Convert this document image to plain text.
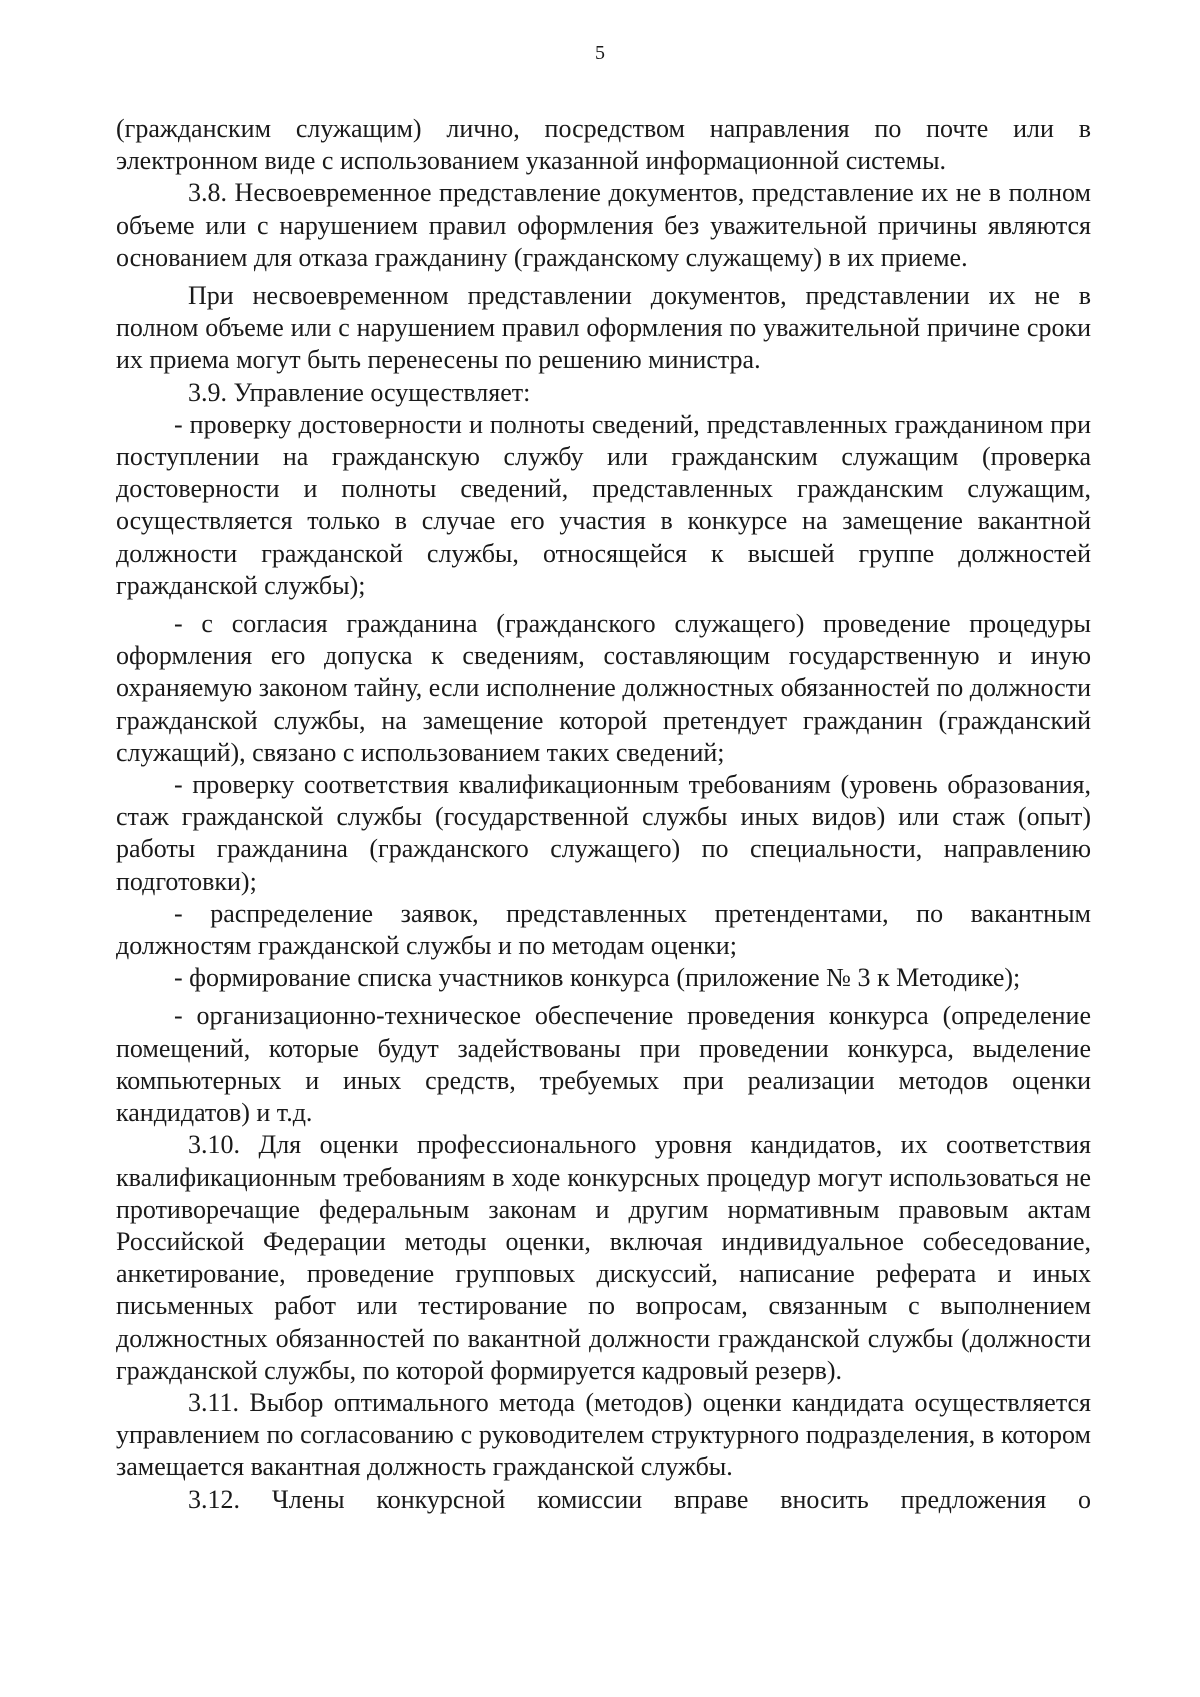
5

(гражданским служащим) лично, посредством направления по почте или в электронном виде с использованием указанной информационной системы.

3.8. Несвоевременное представление документов, представление их не в полном объеме или с нарушением правил оформления без уважительной причины являются основанием для отказа гражданину (гражданскому служащему) в их приеме.

При несвоевременном представлении документов, представлении их не в полном объеме или с нарушением правил оформления по уважительной причине сроки их приема могут быть перенесены по решению министра.

3.9. Управление осуществляет:

- проверку достоверности и полноты сведений, представленных гражданином при поступлении на гражданскую службу или гражданским служащим (проверка достоверности и полноты сведений, представленных гражданским служащим, осуществляется только в случае его участия в конкурсе на замещение вакантной должности гражданской службы, относящейся к высшей группе должностей гражданской службы);

- с согласия гражданина (гражданского служащего) проведение процедуры оформления его допуска к сведениям, составляющим государственную и иную охраняемую законом тайну, если исполнение должностных обязанностей по должности гражданской службы, на замещение которой претендует гражданин (гражданский служащий), связано с использованием таких сведений;

- проверку соответствия квалификационным требованиям (уровень образования, стаж гражданской службы (государственной службы иных видов) или стаж (опыт) работы гражданина (гражданского служащего) по специальности, направлению подготовки);

- распределение заявок, представленных претендентами, по вакантным должностям гражданской службы и по методам оценки;

- формирование списка участников конкурса (приложение № 3 к Методике);

- организационно-техническое обеспечение проведения конкурса (определение помещений, которые будут задействованы при проведении конкурса, выделение компьютерных и иных средств, требуемых при реализации методов оценки кандидатов) и т.д.

3.10. Для оценки профессионального уровня кандидатов, их соответствия квалификационным требованиям в ходе конкурсных процедур могут использоваться не противоречащие федеральным законам и другим нормативным правовым актам Российской Федерации методы оценки, включая индивидуальное собеседование, анкетирование, проведение групповых дискуссий, написание реферата и иных письменных работ или тестирование по вопросам, связанным с выполнением должностных обязанностей по вакантной должности гражданской службы (должности гражданской службы, по которой формируется кадровый резерв).

3.11. Выбор оптимального метода (методов) оценки кандидата осуществляется управлением по согласованию с руководителем структурного подразделения, в котором замещается вакантная должность гражданской службы.

3.12. Члены конкурсной комиссии вправе вносить предложения о
